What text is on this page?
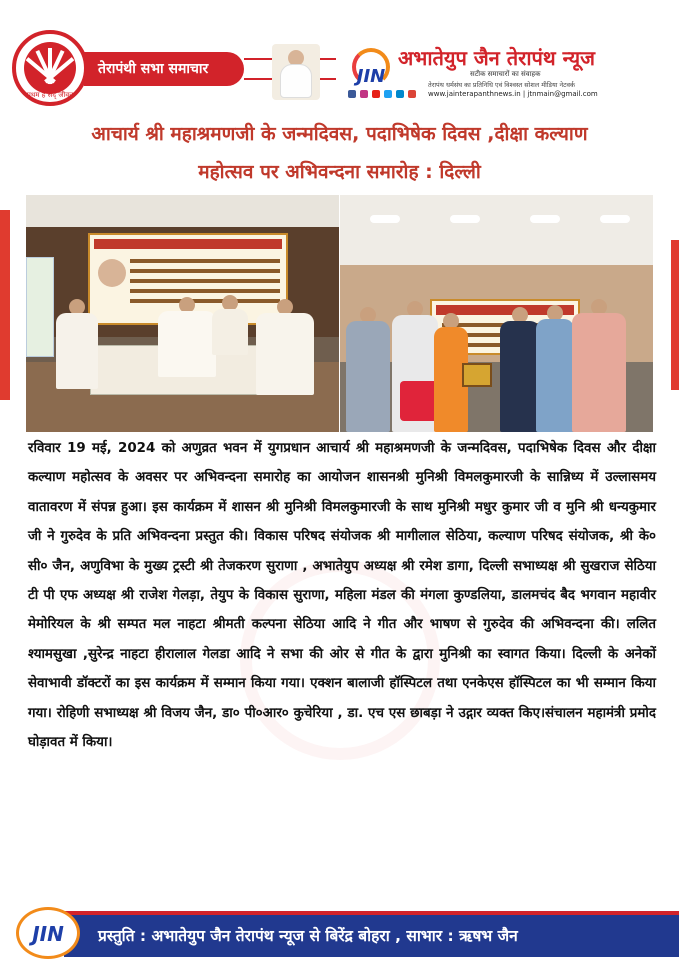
प्रथम है सद् जीवन
तेरापंथी सभा समाचार	JIN
अभातेयुप जैन तेरापंथ न्यूज
सटीक समाचारों का संवाहक
तेरापंथ धर्मसंघ का प्रतिनिधि एवं विश्वस्त सोशल मीडिया नेटवर्क
www.jainterapanthnews.in | jtnmain@gmail.com
आचार्य श्री महाश्रमणजी के जन्मदिवस, पदाभिषेक दिवस ,दीक्षा कल्याण
महोत्सव पर अभिवन्दना समारोह : दिल्ली
रविवार 19 मई, 2024 को अणुव्रत भवन में युगप्रधान आचार्य श्री महाश्रमणजी के जन्मदिवस, पदाभिषेक दिवस और दीक्षा कल्याण महोत्सव के अवसर पर अभिवन्दना समारोह का आयोजन शासनश्री मुनिश्री विमलकुमारजी के सान्निध्य में उल्लासमय वातावरण में संपन्न हुआ। इस कार्यक्रम में शासन श्री मुनिश्री विमलकुमारजी के साथ मुनिश्री मधुर कुमार जी व मुनि श्री धन्यकुमार जी ने गुरुदेव के प्रति अभिवन्दना प्रस्तुत की। विकास परिषद संयोजक श्री मागीलाल सेठिया, कल्याण परिषद संयोजक, श्री के० सी० जैन, अणुविभा के मुख्य ट्रस्टी श्री तेजकरण सुराणा , अभातेयुप अध्यक्ष श्री रमेश डागा, दिल्ली सभाध्यक्ष श्री सुखराज सेठिया टी पी एफ अध्यक्ष श्री राजेश गेलड़ा, तेयुप के विकास सुराणा, महिला मंडल की मंगला कुण्डलिया, डालमचंद बैद भगवान महावीर मेमोरियल के श्री सम्पत मल नाहटा श्रीमती कल्पना सेठिया आदि ने गीत और भाषण से गुरुदेव की अभिवन्दना की। ललित श्यामसुखा ,सुरेन्द्र नाहटा हीरालाल गेलडा आदि ने सभा की ओर से गीत के द्वारा मुनिश्री का स्वागत किया। दिल्ली के अनेकों सेवाभावी डॉक्टरों का इस कार्यक्रम में सम्मान किया गया। एक्शन बालाजी हॉस्पिटल तथा एनकेएस हॉस्पिटल का भी सम्मान किया गया। रोहिणी सभाध्यक्ष श्री विजय जैन, डा० पी०आर० कुचेरिया , डा. एच एस छाबड़ा ने उद्गार व्यक्त किए।संचालन महामंत्री प्रमोद घोड़ावत में किया।
प्रस्तुति : अभातेयुप जैन तेरापंथ न्यूज से बिरेंद्र बोहरा , साभार : ऋषभ जैन
JIN
